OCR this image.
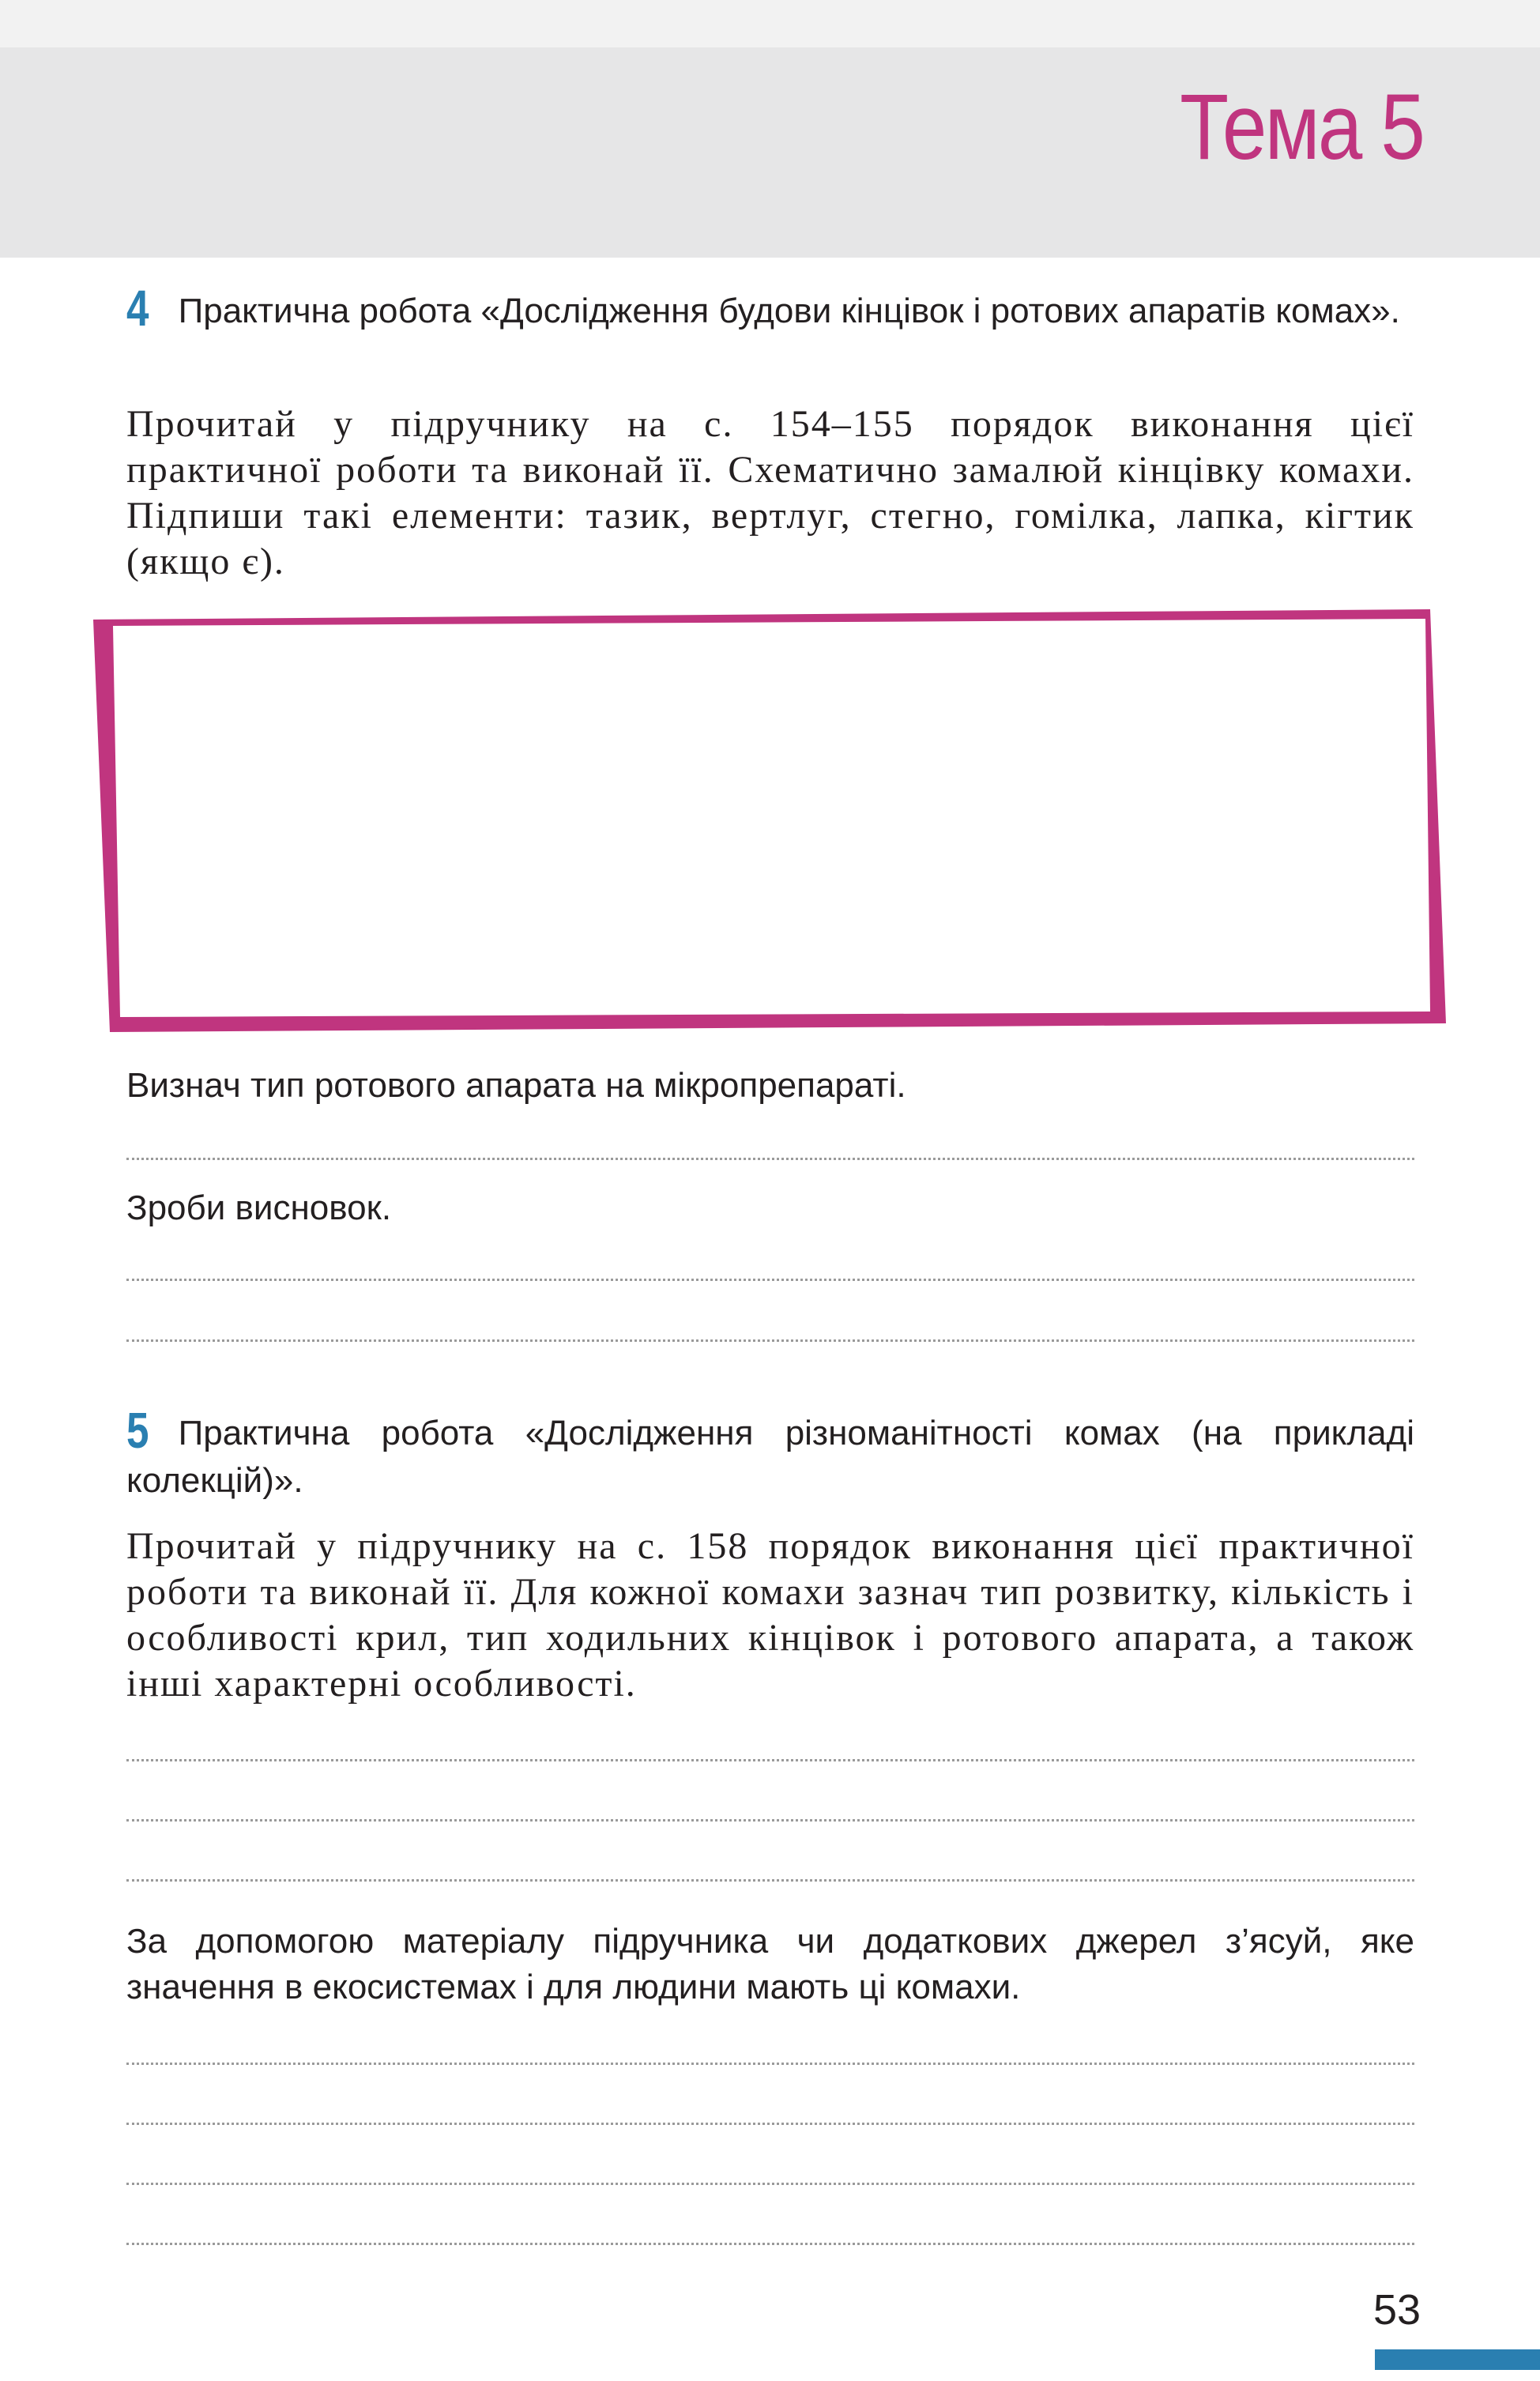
Тема 5

4 Практична робота «Дослідження будови кінцівок і ротових апаратів комах».

Прочитай у підручнику на с. 154–155 порядок виконання цієї практичної роботи та виконай її. Схематично замалюй кінцівку комахи. Підпиши такі елементи: тазик, вертлуг, стегно, гомілка, лапка, кігтик (якщо є).

Визнач тип ротового апарата на мікропрепараті.

Зроби висновок.

5 Практична робота «Дослідження різноманітності комах (на прикладі колекцій)».

Прочитай у підручнику на с. 158 порядок виконання цієї практичної роботи та виконай її. Для кожної комахи зазнач тип розвитку, кількість і особливості крил, тип ходильних кінцівок і ротового апарата, а також інші характерні особливості.

За допомогою матеріалу підручника чи додаткових джерел з’ясуй, яке значення в екосистемах і для людини мають ці комахи.

53
